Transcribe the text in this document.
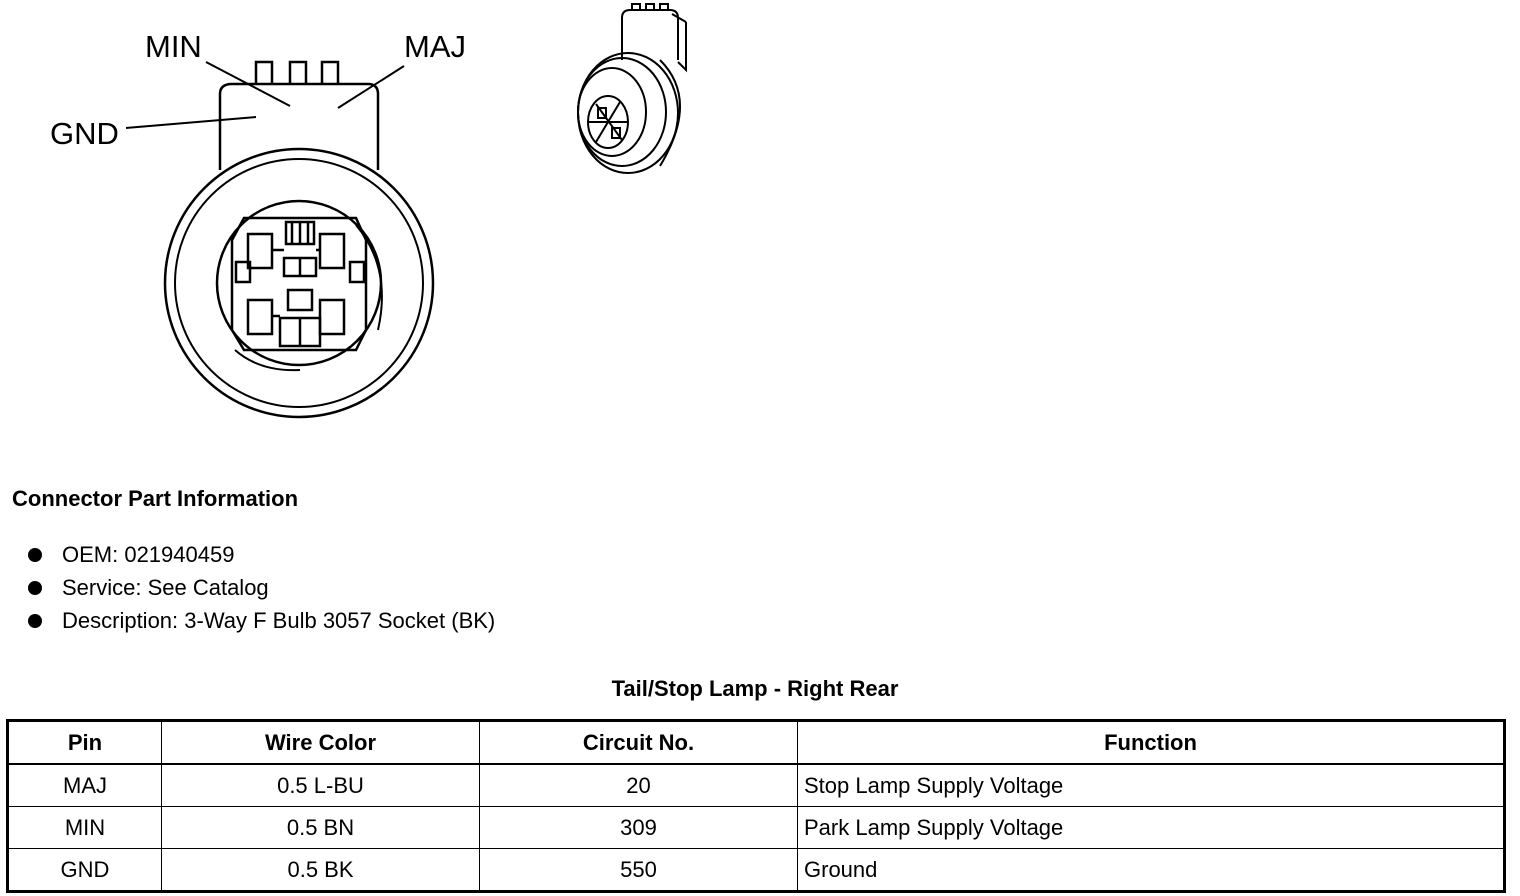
MIN	MAJ
GND
Connector Part Information
OEM: 021940459
Service: See Catalog
Description: 3-Way F Bulb 3057 Socket (BK)
Tail/Stop Lamp - Right Rear
Pin	Wire Color	Circuit No.	Function
MAJ	0.5 L-BU	20	Stop Lamp Supply Voltage
MIN	0.5 BN	309	Park Lamp Supply Voltage
GND	0.5 BK	550	Ground
